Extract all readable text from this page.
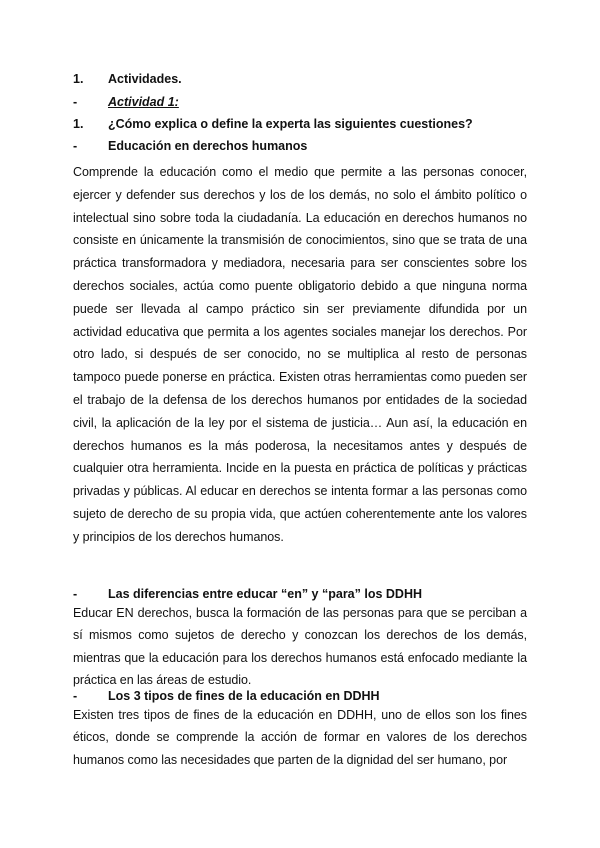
1. Actividades.
- Actividad 1:
1. ¿Cómo explica o define la experta las siguientes cuestiones?
- Educación en derechos humanos

Comprende la educación como el medio que permite a las personas conocer, ejercer y defender sus derechos y los de los demás, no solo el ámbito político o intelectual sino sobre toda la ciudadanía. La educación en derechos humanos no consiste en únicamente la transmisión de conocimientos, sino que se trata de una práctica transformadora y mediadora, necesaria para ser conscientes sobre los derechos sociales, actúa como puente obligatorio debido a que ninguna norma puede ser llevada al campo práctico sin ser previamente difundida por un actividad educativa que permita a los agentes sociales manejar los derechos. Por otro lado, si después de ser conocido, no se multiplica al resto de personas tampoco puede ponerse en práctica. Existen otras herramientas como pueden ser el trabajo de la defensa de los derechos humanos por entidades de la sociedad civil, la aplicación de la ley por el sistema de justicia… Aun así, la educación en derechos humanos es la más poderosa, la necesitamos antes y después de cualquier otra herramienta. Incide en la puesta en práctica de políticas y prácticas privadas y públicas. Al educar en derechos se intenta formar a las personas como sujeto de derecho de su propia vida, que actúen coherentemente ante los valores y principios de los derechos humanos.

- Las diferencias entre educar “en” y “para” los DDHH

Educar EN derechos, busca la formación de las personas para que se perciban a sí mismos como sujetos de derecho y conozcan los derechos de los demás, mientras que la educación para los derechos humanos está enfocado mediante la práctica en las áreas de estudio.

- Los 3 tipos de fines de la educación en DDHH

Existen tres tipos de fines de la educación en DDHH, uno de ellos son los fines éticos, donde se comprende la acción de formar en valores de los derechos humanos como las necesidades que parten de la dignidad del ser humano, por
